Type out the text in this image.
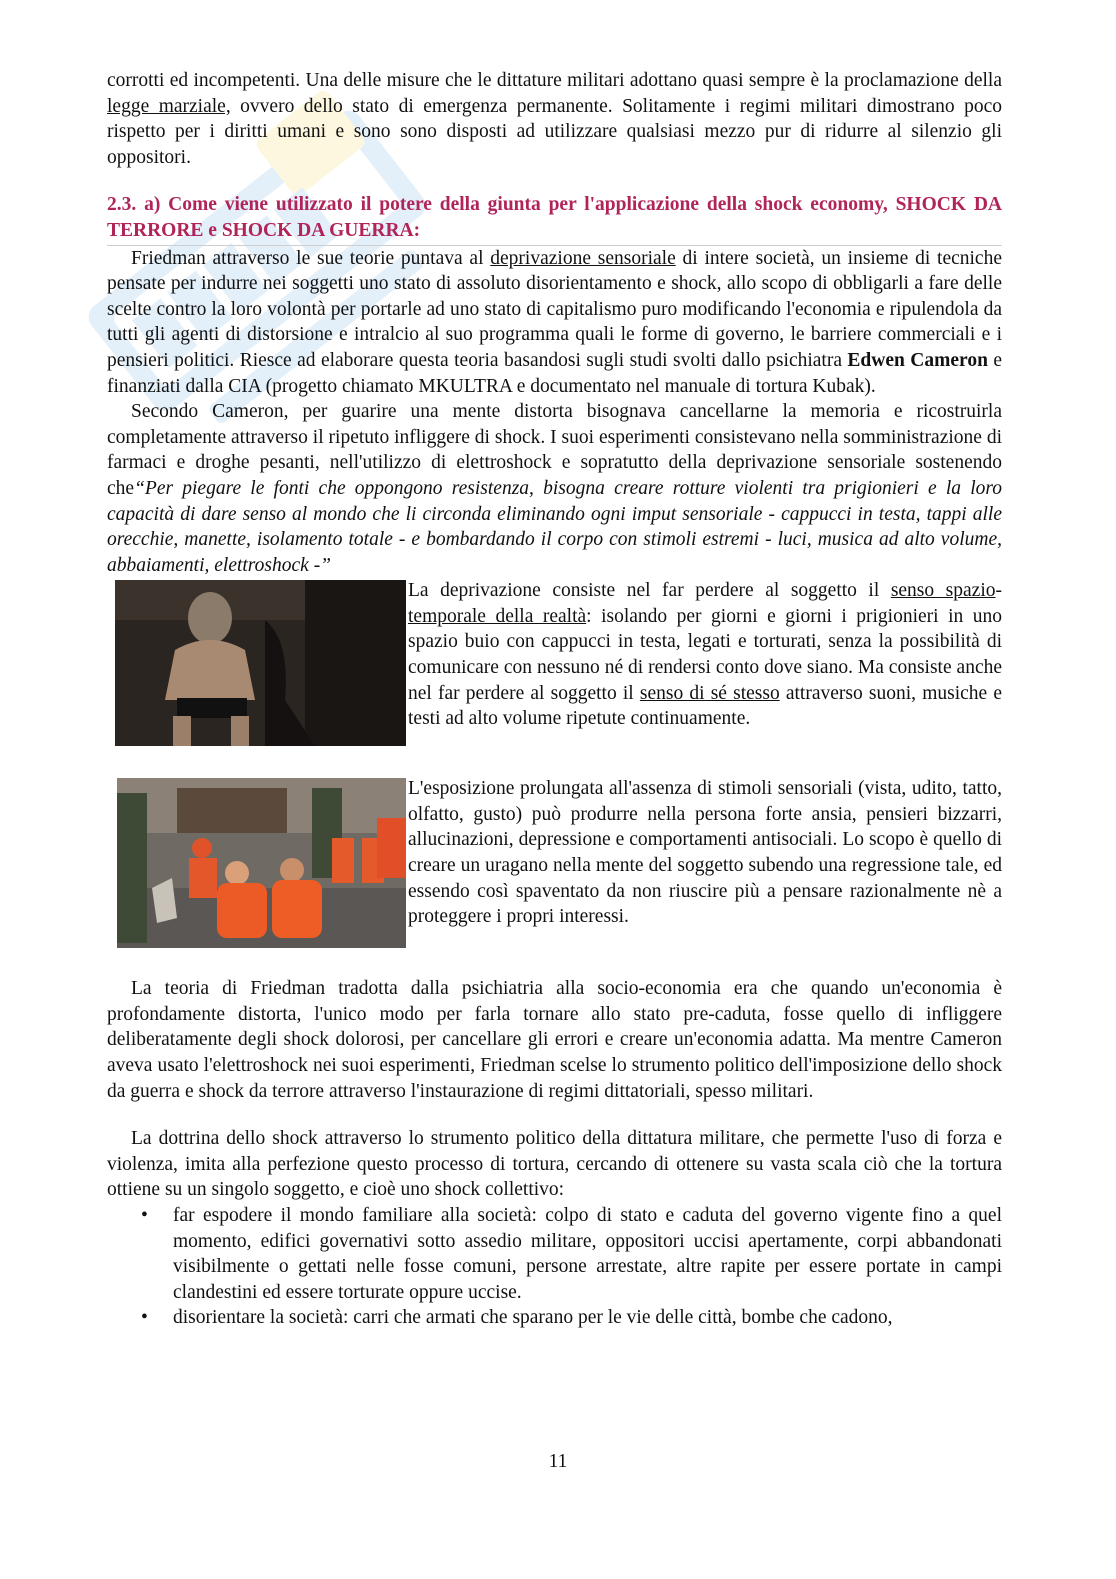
corrotti ed incompetenti. Una delle misure che le dittature militari adottano quasi sempre è la proclamazione della legge marziale, ovvero dello stato di emergenza permanente. Solitamente i regimi militari dimostrano poco rispetto per i diritti umani e sono sono disposti ad utilizzare qualsiasi mezzo pur di ridurre al silenzio gli oppositori.

2.3. a) Come viene utilizzato il potere della giunta per l'applicazione della shock economy, SHOCK DA TERRORE e SHOCK DA GUERRA:

Friedman attraverso le sue teorie puntava al deprivazione sensoriale di intere società, un insieme di tecniche pensate per indurre nei soggetti uno stato di assoluto disorientamento e shock, allo scopo di obbligarli a fare delle scelte contro la loro volontà per portarle ad uno stato di capitalismo puro modificando l'economia e ripulendola da tutti gli agenti di distorsione e intralcio al suo programma quali le forme di governo, le barriere commerciali e i pensieri politici. Riesce ad elaborare questa teoria basandosi sugli studi svolti dallo psichiatra Edwen Cameron e finanziati dalla CIA (progetto chiamato MKULTRA e documentato nel manuale di tortura Kubak).

Secondo Cameron, per guarire una mente distorta bisognava cancellarne la memoria e ricostruirla completamente attraverso il ripetuto infliggere di shock. I suoi esperimenti consistevano nella somministrazione di farmaci e droghe pesanti, nell'utilizzo di elettroshock e sopratutto della deprivazione sensoriale sostenendo che“Per piegare le fonti che oppongono resistenza, bisogna creare rotture violenti tra prigionieri e la loro capacità di dare senso al mondo che li circonda eliminando ogni imput sensoriale - cappucci in testa, tappi alle orecchie, manette, isolamento totale - e bombardando il corpo con stimoli estremi - luci, musica ad alto volume, abbaiamenti, elettroshock -”

La deprivazione consiste nel far perdere al soggetto il senso spazio-temporale della realtà: isolando per giorni e giorni i prigionieri in uno spazio buio con cappucci in testa, legati e torturati, senza la possibilità di comunicare con nessuno né di rendersi conto dove siano. Ma consiste anche nel far perdere al soggetto il senso di sé stesso attraverso suoni, musiche e testi ad alto volume ripetute continuamente.

L'esposizione prolungata all'assenza di stimoli sensoriali (vista, udito, tatto, olfatto, gusto) può produrre nella persona forte ansia, pensieri bizzarri, allucinazioni, depressione e comportamenti antisociali. Lo scopo è quello di creare un uragano nella mente del soggetto subendo una regressione tale, ed essendo così spaventato da non riuscire più a pensare razionalmente nè a proteggere i propri interessi.

La teoria di Friedman tradotta dalla psichiatria alla socio-economia era che quando un'economia è profondamente distorta, l'unico modo per farla tornare allo stato pre-caduta, fosse quello di infliggere deliberatamente degli shock dolorosi, per cancellare gli errori e creare un'economia adatta. Ma mentre Cameron aveva usato l'elettroshock nei suoi esperimenti, Friedman scelse lo strumento politico dell'imposizione dello shock da guerra e shock da terrore attraverso l'instaurazione di regimi dittatoriali, spesso militari.

La dottrina dello shock attraverso lo strumento politico della dittatura militare, che permette l'uso di forza e violenza, imita alla perfezione questo processo di tortura, cercando di ottenere su vasta scala ciò che la tortura ottiene su un singolo soggetto, e cioè uno shock collettivo:

• far espodere il mondo familiare alla società: colpo di stato e caduta del governo vigente fino a quel momento, edifici governativi sotto assedio militare, oppositori uccisi apertamente, corpi abbandonati visibilmente o gettati nelle fosse comuni, persone arrestate, altre rapite per essere portate in campi clandestini ed essere torturate oppure uccise.
• disorientare la società: carri che armati che sparano per le vie delle città, bombe che cadono,
11
